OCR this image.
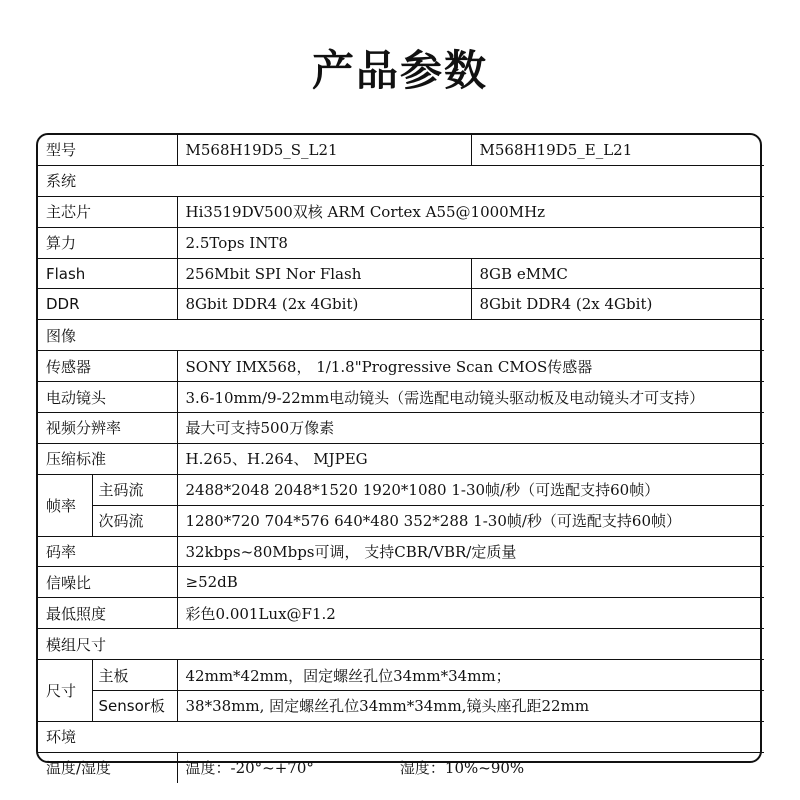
产品参数
型号		M568H19D5_S_L21	M568H19D5_E_L21
系统			
主芯片		Hi3519DV500双核 ARM Cortex A55@1000MHz	
算力		2.5Tops INT8	
Flash		256Mbit SPI Nor Flash	8GB eMMC
DDR		8Gbit DDR4 (2x 4Gbit)	8Gbit DDR4 (2x 4Gbit)
图像			
传感器		SONY IMX568， 1/1.8"Progressive Scan CMOS传感器	
电动镜头		3.6-10mm/9-22mm电动镜头（需选配电动镜头驱动板及电动镜头才可支持）	
视频分辨率		最大可支持500万像素	
压缩标准		H.265、H.264、 MJPEG	
帧率	主码流	2488*2048 2048*1520 1920*1080 1-30帧/秒（可选配支持60帧）	
	次码流	1280*720 704*576 640*480 352*288 1-30帧/秒（可选配支持60帧）	
码率		32kbps~80Mbps可调， 支持CBR/VBR/定质量	
信噪比		≥52dB	
最低照度		彩色0.001Lux@F1.2	
模组尺寸			
尺寸	主板	42mm*42mm，固定螺丝孔位34mm*34mm；	
	Sensor板	38*38mm, 固定螺丝孔位34mm*34mm,镜头座孔距22mm	
环境			
温度/湿度		温度：-20°~+70° 湿度：10%~90%	
